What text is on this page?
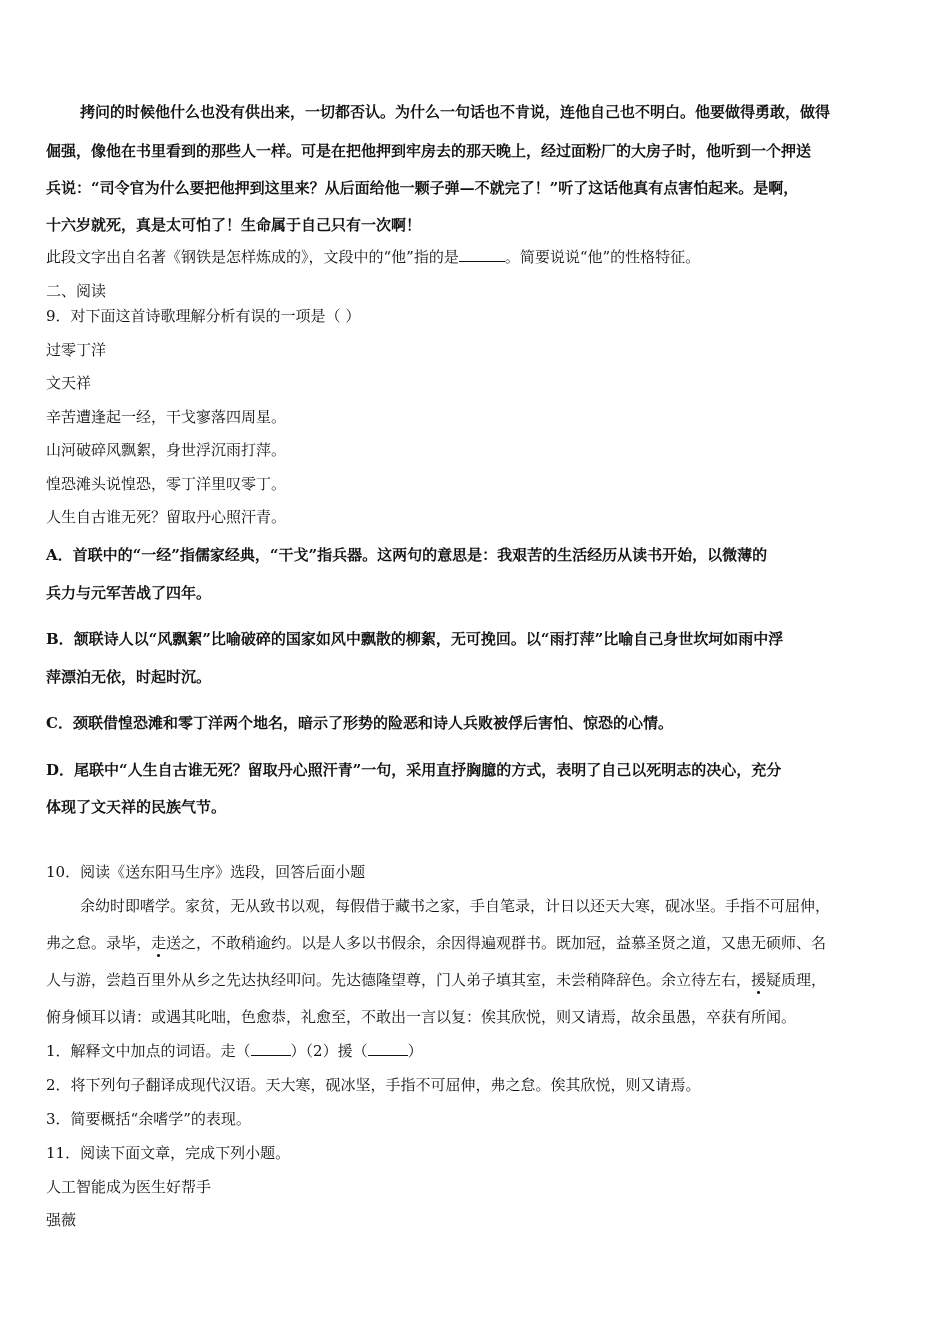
拷问的时候他什么也没有供出来，一切都否认。为什么一句话也不肯说，连他自己也不明白。他要做得勇敢，做得
倔强，像他在书里看到的那些人一样。可是在把他押到牢房去的那天晚上，经过面粉厂的大房子时，他听到一个押送
兵说：“司令官为什么要把他押到这里来？从后面给他一颗子弹—不就完了！”听了这话他真有点害怕起来。是啊，
十六岁就死，真是太可怕了！生命属于自己只有一次啊！
此段文字出自名著《钢铁是怎样炼成的》，文段中的“他”指的是	。简要说说“他”的性格特征。
二、阅读
9．对下面这首诗歌理解分析有误的一项是（ ）
过零丁洋
文天祥
辛苦遭逢起一经，干戈寥落四周星。
山河破碎风飘絮，身世浮沉雨打萍。
惶恐滩头说惶恐，零丁洋里叹零丁。
人生自古谁无死？留取丹心照汗青。
A．首联中的“一经”指儒家经典，“干戈”指兵器。这两句的意思是：我艰苦的生活经历从读书开始，以微薄的
兵力与元军苦战了四年。
B．颔联诗人以“风飘絮”比喻破碎的国家如风中飘散的柳絮，无可挽回。以“雨打萍”比喻自己身世坎坷如雨中浮
萍漂泊无依，时起时沉。
C．颈联借惶恐滩和零丁洋两个地名，暗示了形势的险恶和诗人兵败被俘后害怕、惊恐的心情。
D．尾联中“人生自古谁无死？留取丹心照汗青”一句，采用直抒胸臆的方式，表明了自己以死明志的决心，充分
体现了文天祥的民族气节。
10．阅读《送东阳马生序》选段，回答后面小题
余幼时即嗜学。家贫，无从致书以观，每假借于藏书之家，手自笔录，计日以还天大寒，砚冰坚。手指不可屈伸，
弗之怠。录毕，走送之，不敢稍逾约。以是人多以书假余，余因得遍观群书。既加冠，益慕圣贤之道，又患无硕师、名
人与游，尝趋百里外从乡之先达执经叩问。先达德隆望尊，门人弟子填其室，未尝稍降辞色。余立待左右，援疑质理，
俯身倾耳以请：或遇其叱咄，色愈恭，礼愈至，不敢出一言以复：俟其欣悦，则又请焉，故余虽愚，卒获有所闻。
1．解释文中加点的词语。走（	）（2）援（	）
2．将下列句子翻译成现代汉语。天大寒，砚冰坚，手指不可屈伸，弗之怠。俟其欣悦，则又请焉。
3．简要概括“余嗜学”的表现。
11．阅读下面文章，完成下列小题。
人工智能成为医生好帮手
强薇
